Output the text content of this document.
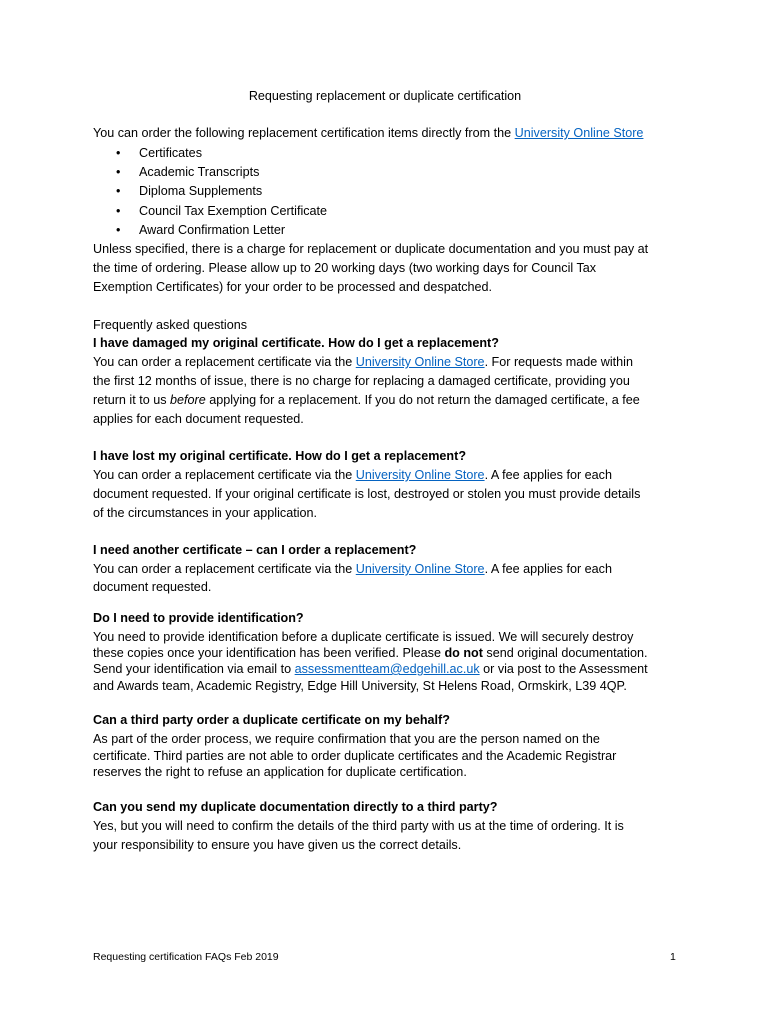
Requesting replacement or duplicate certification
You can order the following replacement certification items directly from the University Online Store
• Certificates
• Academic Transcripts
• Diploma Supplements
• Council Tax Exemption Certificate
• Award Confirmation Letter
Unless specified, there is a charge for replacement or duplicate documentation and you must pay at
the time of ordering. Please allow up to 20 working days (two working days for Council Tax
Exemption Certificates) for your order to be processed and despatched.
Frequently asked questions
I have damaged my original certificate. How do I get a replacement?
You can order a replacement certificate via the University Online Store. For requests made within
the first 12 months of issue, there is no charge for replacing a damaged certificate, providing you
return it to us before applying for a replacement. If you do not return the damaged certificate, a fee
applies for each document requested.
I have lost my original certificate. How do I get a replacement?
You can order a replacement certificate via the University Online Store. A fee applies for each
document requested. If your original certificate is lost, destroyed or stolen you must provide details
of the circumstances in your application.
I need another certificate – can I order a replacement?
You can order a replacement certificate via the University Online Store. A fee applies for each
document requested.
Do I need to provide identification?
You need to provide identification before a duplicate certificate is issued. We will securely destroy
these copies once your identification has been verified. Please do not send original documentation.
Send your identification via email to assessmentteam@edgehill.ac.uk or via post to the Assessment
and Awards team, Academic Registry, Edge Hill University, St Helens Road, Ormskirk, L39 4QP.
Can a third party order a duplicate certificate on my behalf?
As part of the order process, we require confirmation that you are the person named on the
certificate. Third parties are not able to order duplicate certificates and the Academic Registrar
reserves the right to refuse an application for duplicate certification.
Can you send my duplicate documentation directly to a third party?
Yes, but you will need to confirm the details of the third party with us at the time of ordering. It is
your responsibility to ensure you have given us the correct details.
Requesting certification FAQs Feb 2019	1
